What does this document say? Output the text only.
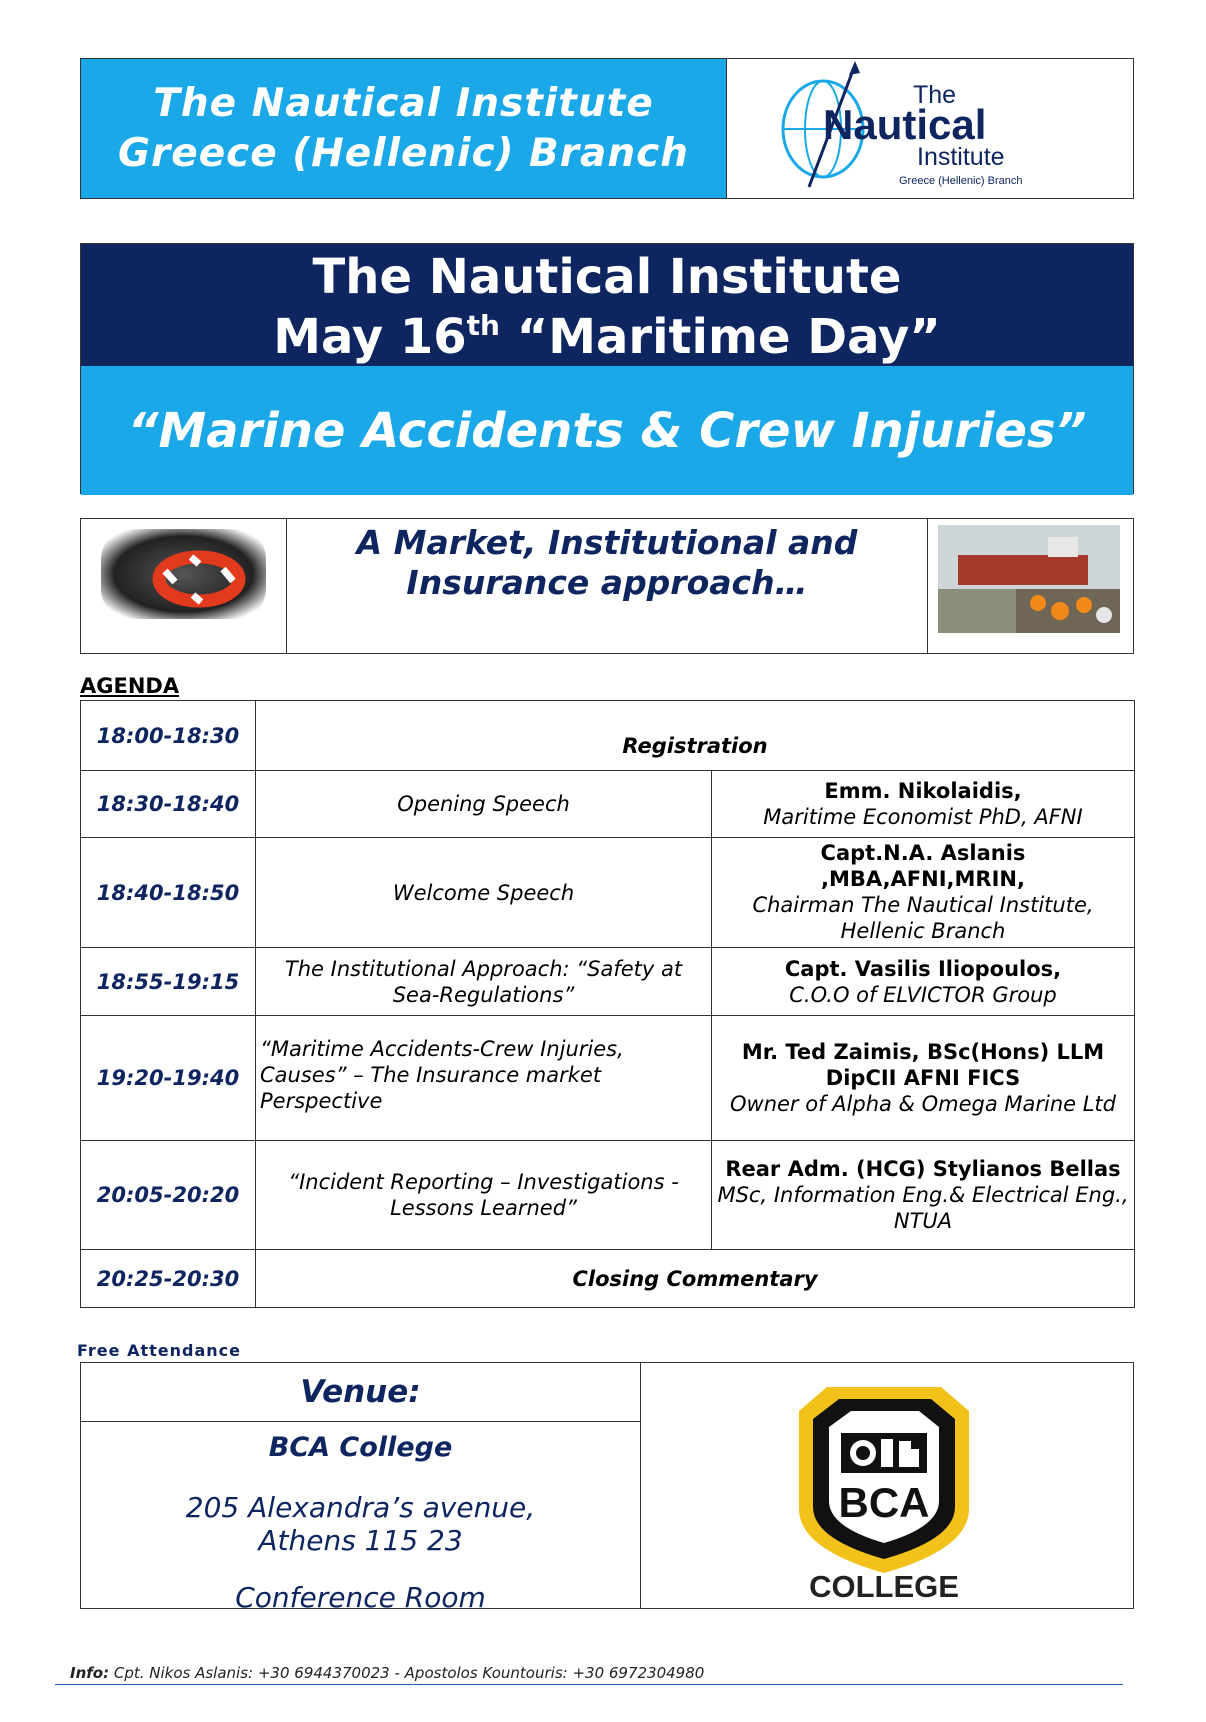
The Nautical Institute
Greece (Hellenic) Branch
The
Nautical
Institute
Greece (Hellenic) Branch
The Nautical Institute
May 16th “Maritime Day”
“Marine Accidents & Crew Injuries”
A Market, Institutional and
Insurance approach…
AGENDA
18:00-18:30	Registration	
18:30-18:40	Opening Speech	Emm. Nikolaidis,
Maritime Economist PhD, AFNI

18:40-18:50	Welcome Speech	Capt.N.A. Aslanis ,MBA,AFNI,MRIN,
Chairman The Nautical Institute, Hellenic Branch

18:55-19:15	The Institutional Approach: “Safety at Sea-Regulations”	Capt. Vasilis Iliopoulos,
C.O.O of ELVICTOR Group

19:20-19:40	“Maritime Accidents-Crew Injuries, Causes” – The Insurance market Perspective	Mr. Ted Zaimis, BSc(Hons) LLM DipCII AFNI FICS
Owner of Alpha & Omega Marine Ltd

20:05-20:20	“Incident Reporting – Investigations - Lessons Learned”	Rear Adm. (HCG) Stylianos Bellas
MSc, Information Eng.& Electrical Eng., NTUA

20:25-20:30	Closing Commentary	
Free Attendance
Venue:
BCA College
205 Alexandra’s avenue,
Athens 115 23
Conference Room
BCA
COLLEGE
Info: Cpt. Nikos Aslanis: +30 6944370023 - Apostolos Kountouris: +30 6972304980
